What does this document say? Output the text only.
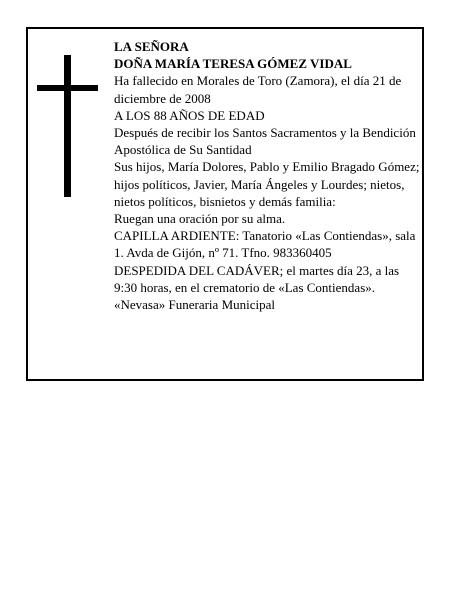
LA SEÑORA

DOÑA MARÍA TERESA GÓMEZ VIDAL

Ha fallecido en Morales de Toro (Zamora), el día 21 de diciembre de 2008

A LOS 88 AÑOS DE EDAD

Después de recibir los Santos Sacramentos y la Bendición Apostólica de Su Santidad

Sus hijos, María Dolores, Pablo y Emilio Bragado Gómez; hijos políticos, Javier, María Ángeles y Lourdes; nietos, nietos políticos, bisnietos y demás familia:

Ruegan una oración por su alma.

CAPILLA ARDIENTE: Tanatorio «Las Contiendas», sala 1. Avda de Gijón, nº 71. Tfno. 983360405

DESPEDIDA DEL CADÁVER; el martes día 23, a las 9:30 horas, en el crematorio de «Las Contiendas».

«Nevasa» Funeraria Municipal
